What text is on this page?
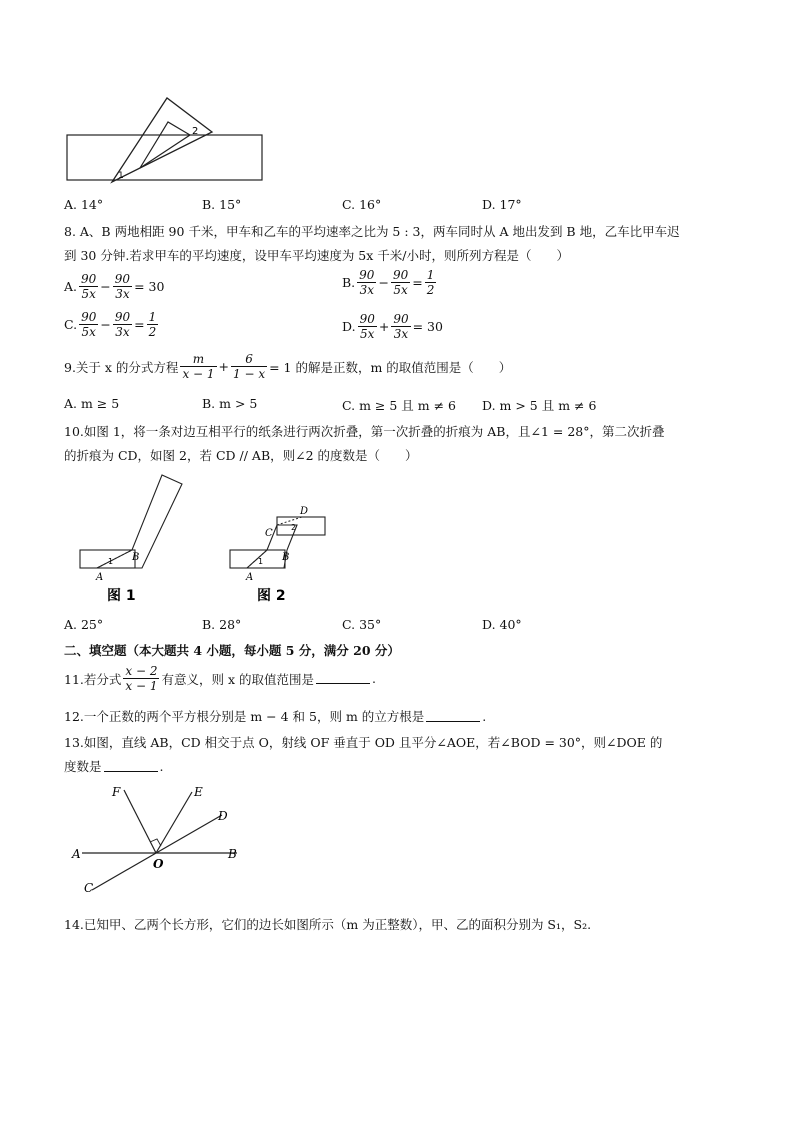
2
1
A. 14°	B. 15°	C. 16°	D. 17°
8. A、B 两地相距 90 千米，甲车和乙车的平均速率之比为 5 : 3，两车同时从 A 地出发到 B 地，乙车比甲车迟
到 30 分钟.若求甲车的平均速度，设甲车平均速度为 5x 千米/小时，则所列方程是（　　）
A. $\frac{90}{5x} - \frac{90}{3x} = 30$	B. $\frac{90}{3x} - \frac{90}{5x} = \frac{1}{2}$
C. $\frac{90}{5x} - \frac{90}{3x} = \frac{1}{2}$	D. $\frac{90}{5x} + \frac{90}{3x} = 30$
9.关于 x 的分式方程 $\frac{m}{x - 1} + \frac{6}{1 - x} = 1$ 的解是正数，m 的取值范围是（　　）
A. m ≥ 5	B. m > 5	C. m ≥ 5 且 m ≠ 6 D. m > 5 且 m ≠ 6
10.如图 1，将一条对边互相平行的纸条进行两次折叠，第一次折叠的折痕为 AB，且∠1 = 28°，第二次折叠
的折痕为 CD，如图 2，若 CD // AB，则∠2 的度数是（　　）
A
B
1
图 1
A
B
C
D
1
2
图 2
A. 25°	B. 28°	C. 35°	D. 40°
二、填空题（本大题共 4 小题，每小题 5 分，满分 20 分）
11.若分式 $\frac{x - 2}{x - 1}$ 有意义，则 x 的取值范围是	.
12.一个正数的两个平方根分别是 m − 4 和 5，则 m 的立方根是	.
13.如图，直线 AB，CD 相交于点 O，射线 OF 垂直于 OD 且平分∠AOE，若∠BOD = 30°，则∠DOE 的
度数是	.
F	E
D
A
O
B
C
14.已知甲、乙两个长方形，它们的边长如图所示（m 为正整数），甲、乙的面积分别为 S₁，S₂.
